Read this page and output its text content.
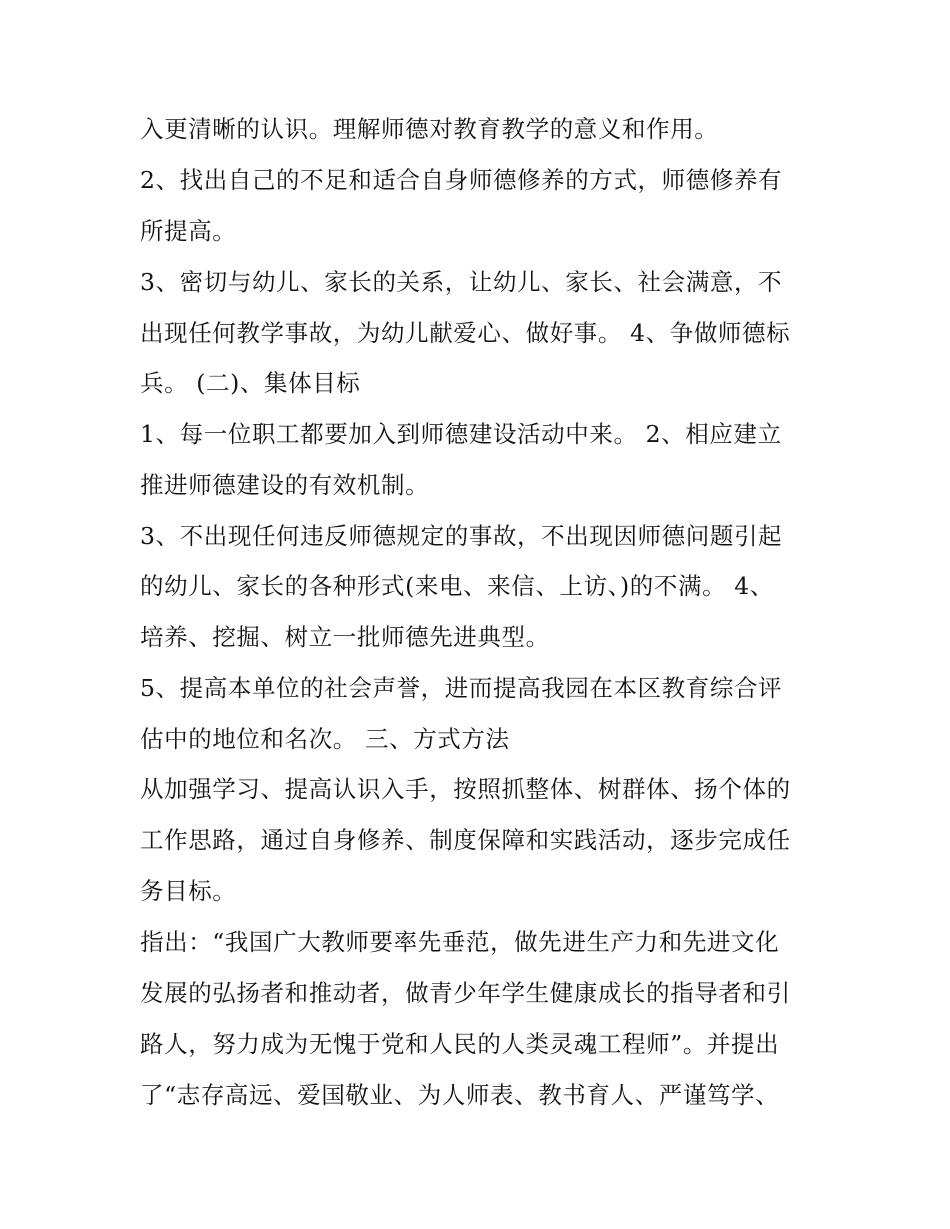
入更清晰的认识。理解师德对教育教学的意义和作用。
2、找出自己的不足和适合自身师德修养的方式，师德修养有
所提高。
3、密切与幼儿、家长的关系，让幼儿、家长、社会满意，不
出现任何教学事故，为幼儿献爱心、做好事。 4、争做师德标
兵。 (二)、集体目标
1、每一位职工都要加入到师德建设活动中来。 2、相应建立
推进师德建设的有效机制。
3、不出现任何违反师德规定的事故，不出现因师德问题引起
的幼儿、家长的各种形式(来电、来信、上访、)的不满。 4、
培养、挖掘、树立一批师德先进典型。
5、提高本单位的社会声誉，进而提高我园在本区教育综合评
估中的地位和名次。 三、方式方法
从加强学习、提高认识入手，按照抓整体、树群体、扬个体的
工作思路，通过自身修养、制度保障和实践活动，逐步完成任
务目标。
指出：“我国广大教师要率先垂范，做先进生产力和先进文化
发展的弘扬者和推动者，做青少年学生健康成长的指导者和引
路人，努力成为无愧于党和人民的人类灵魂工程师”。并提出
了“志存高远、爱国敬业、为人师表、教书育人、严谨笃学、
